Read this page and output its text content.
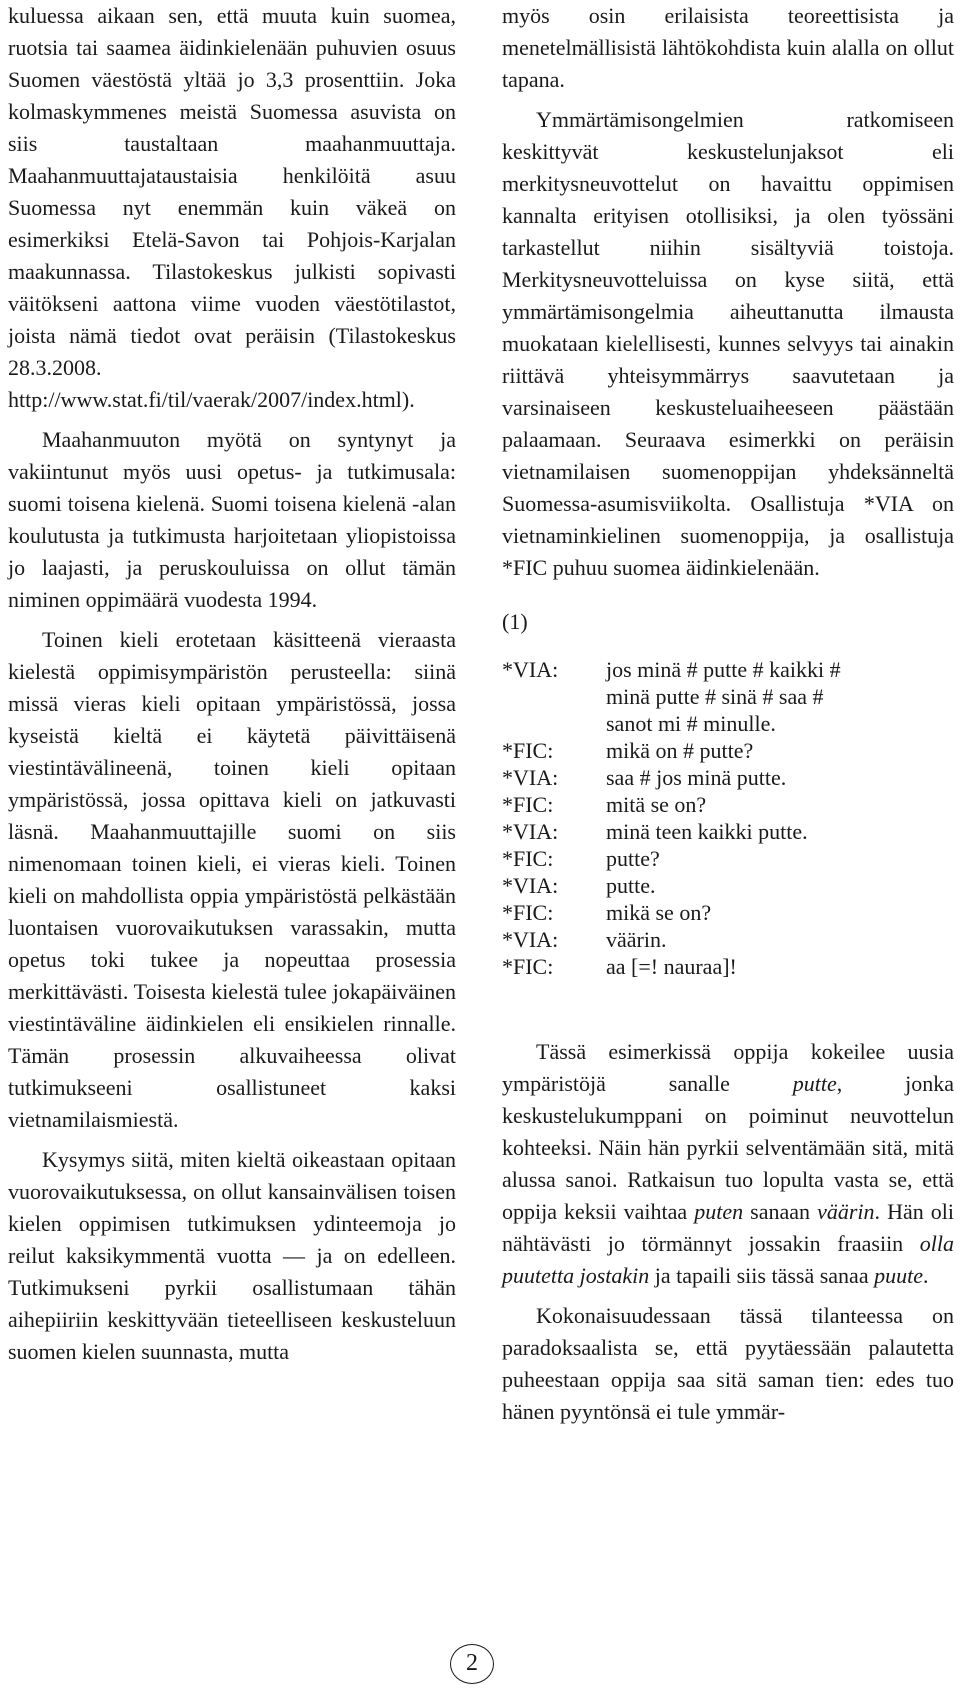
kuluessa aikaan sen, että muuta kuin suomea, ruotsia tai saamea äidinkielenään puhuvien osuus Suomen väestöstä yltää jo 3,3 prosenttiin. Joka kolmaskymmenes meistä Suomessa asuvista on siis taustaltaan maahanmuuttaja. Maahanmuuttajataustaisia henkilöitä asuu Suomessa nyt enemmän kuin väkeä on esimerkiksi Etelä-Savon tai Pohjois-Karjalan maakunnassa. Tilastokeskus julkisti sopivasti väitökseni aattona viime vuoden väestötilastot, joista nämä tiedot ovat peräisin (Tilastokeskus 28.3.2008. http://www.stat.fi/til/vaerak/2007/index.html).

Maahanmuuton myötä on syntynyt ja vakiintunut myös uusi opetus- ja tutkimusala: suomi toisena kielenä. Suomi toisena kielenä -alan koulutusta ja tutkimusta harjoitetaan yliopistoissa jo laajasti, ja peruskouluissa on ollut tämän niminen oppimäärä vuodesta 1994.

Toinen kieli erotetaan käsitteenä vieraasta kielestä oppimisympäristön perusteella: siinä missä vieras kieli opitaan ympäristössä, jossa kyseistä kieltä ei käytetä päivittäisenä viestintävälineenä, toinen kieli opitaan ympäristössä, jossa opittava kieli on jatkuvasti läsnä. Maahanmuuttajille suomi on siis nimenomaan toinen kieli, ei vieras kieli. Toinen kieli on mahdollista oppia ympäristöstä pelkästään luontaisen vuorovaikutuksen varassakin, mutta opetus toki tukee ja nopeuttaa prosessia merkittävästi. Toisesta kielestä tulee jokapäiväinen viestintäväline äidinkielen eli ensikielen rinnalle. Tämän prosessin alkuvaiheessa olivat tutkimukseeni osallistuneet kaksi vietnamilaismiestä.

Kysymys siitä, miten kieltä oikeastaan opitaan vuorovaikutuksessa, on ollut kansainvälisen toisen kielen oppimisen tutkimuksen ydinteemoja jo reilut kaksikymmentä vuotta — ja on edelleen. Tutkimukseni pyrkii osallistumaan tähän aihepiiriin keskittyvään tieteelliseen keskusteluun suomen kielen suunnasta, mutta

myös osin erilaisista teoreettisista ja menetelmällisistä lähtökohdista kuin alalla on ollut tapana.

Ymmärtämisongelmien ratkomiseen keskittyvät keskustelunjaksot eli merkitysneuvottelut on havaittu oppimisen kannalta erityisen otollisiksi, ja olen työssäni tarkastellut niihin sisältyviä toistoja. Merkitysneuvotteluissa on kyse siitä, että ymmärtämisongelmia aiheuttanutta ilmausta muokataan kielellisesti, kunnes selvyys tai ainakin riittävä yhteisymmärrys saavutetaan ja varsinaiseen keskusteluaiheeseen päästään palaamaan. Seuraava esimerkki on peräisin vietnamilaisen suomenoppijan yhdeksänneltä Suomessa-asumisviikolta. Osallistuja *VIA on vietnaminkielinen suomenoppija, ja osallistuja *FIC puhuu suomea äidinkielenään.

(1)
*VIA:	jos minä # putte # kaikki #
minä putte # sinä # saa #
sanot mi # minulle.
*FIC:	mikä on # putte?
*VIA:	saa # jos minä putte.
*FIC:	mitä se on?
*VIA:	minä teen kaikki putte.
*FIC:	putte?
*VIA:	putte.
*FIC:	mikä se on?
*VIA:	väärin.
*FIC:	aa [=! nauraa]!

Tässä esimerkissä oppija kokeilee uusia ympäristöjä sanalle putte, jonka keskustelukumppani on poiminut neuvottelun kohteeksi. Näin hän pyrkii selventämään sitä, mitä alussa sanoi. Ratkaisun tuo lopulta vasta se, että oppija keksii vaihtaa puten sanaan väärin. Hän oli nähtävästi jo törmännyt jossakin fraasiin olla puutetta jostakin ja tapaili siis tässä sanaa puute.

Kokonaisuudessaan tässä tilanteessa on paradoksaalista se, että pyytäessään palautetta puheestaan oppija saa sitä saman tien: edes tuo hänen pyyntönsä ei tule ymmär-

2
